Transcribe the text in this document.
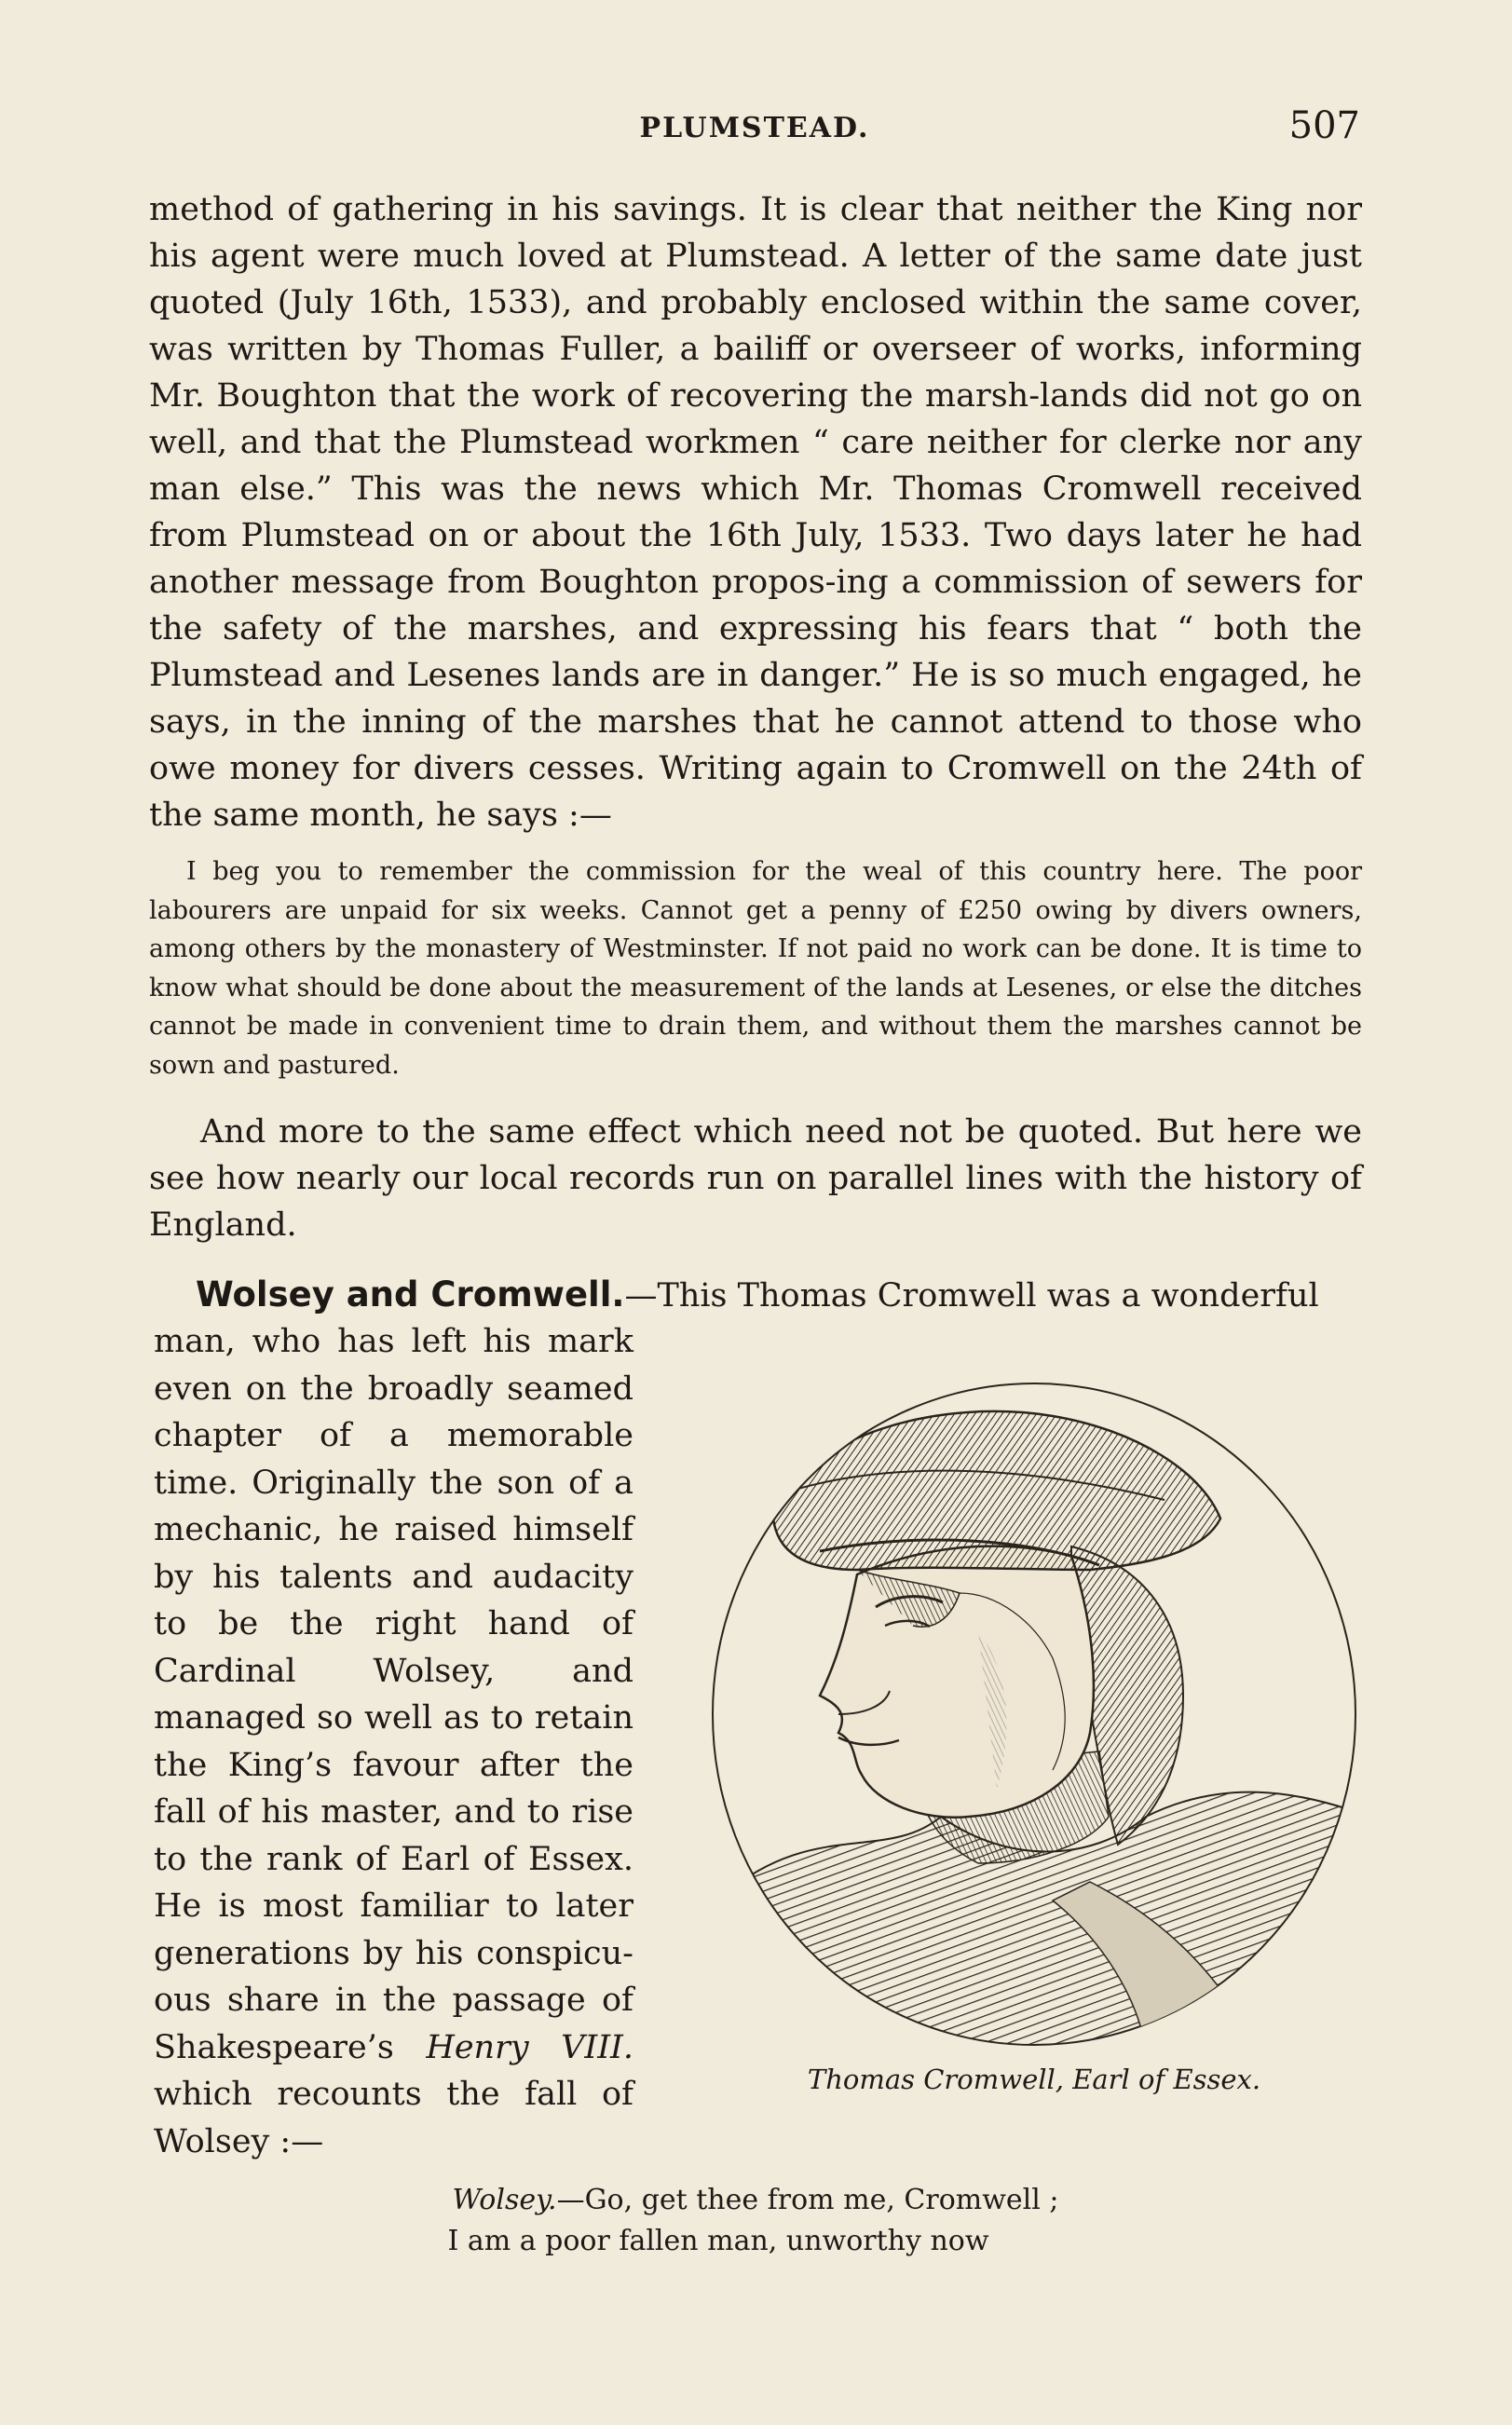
PLUMSTEAD.	507

method of gathering in his savings. It is clear that neither the King nor his agent were much loved at Plumstead. A letter of the same date just quoted (July 16th, 1533), and probably enclosed within the same cover, was written by Thomas Fuller, a bailiff or overseer of works, informing Mr. Boughton that the work of recovering the marsh-lands did not go on well, and that the Plumstead workmen “ care neither for clerke nor any man else.” This was the news which Mr. Thomas Cromwell received from Plumstead on or about the 16th July, 1533. Two days later he had another message from Boughton propos-ing a commission of sewers for the safety of the marshes, and expressing his fears that “ both the Plumstead and Lesenes lands are in danger.” He is so much engaged, he says, in the inning of the marshes that he cannot attend to those who owe money for divers cesses. Writing again to Cromwell on the 24th of the same month, he says :—

I beg you to remember the commission for the weal of this country here. The poor labourers are unpaid for six weeks. Cannot get a penny of £250 owing by divers owners, among others by the monastery of Westminster. If not paid no work can be done. It is time to know what should be done about the measurement of the lands at Lesenes, or else the ditches cannot be made in convenient time to drain them, and without them the marshes cannot be sown and pastured.

And more to the same effect which need not be quoted. But here we see how nearly our local records run on parallel lines with the history of England.

Wolsey and Cromwell.—This Thomas Cromwell was a wonderful

man, who has left his mark even on the broadly seamed chapter of a memorable time. Originally the son of a mechanic, he raised himself by his talents and audacity to be the right hand of Cardinal Wolsey, and managed so well as to retain the King’s favour after the fall of his master, and to rise to the rank of Earl of Essex. He is most familiar to later generations by his conspicu-ous share in the passage of Shakespeare’s Henry VIII. which recounts the fall of Wolsey :—

Thomas Cromwell, Earl of Essex.

Wolsey.—Go, get thee from me, Cromwell ;
I am a poor fallen man, unworthy now
